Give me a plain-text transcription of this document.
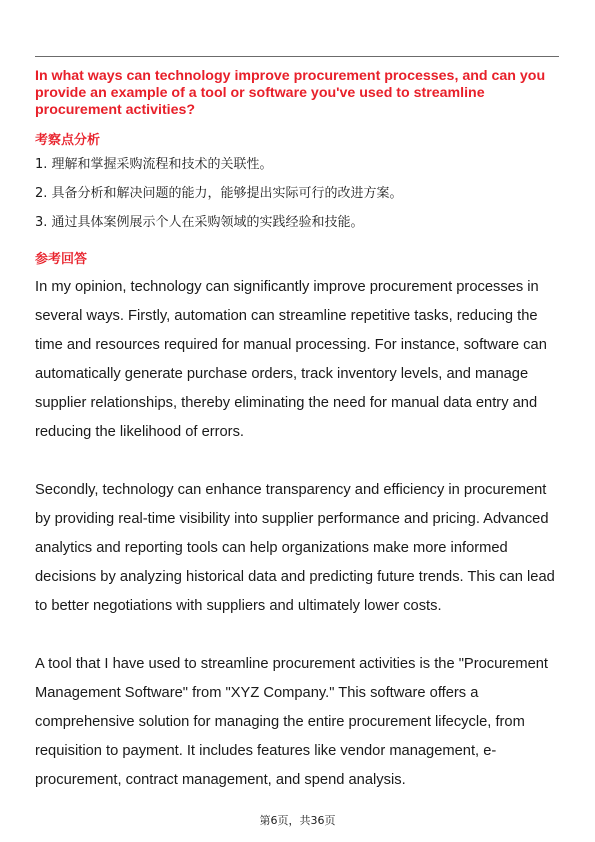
In what ways can technology improve procurement processes, and can you provide an example of a tool or software you've used to streamline procurement activities?
考察点分析
1. 理解和掌握采购流程和技术的关联性。
2. 具备分析和解决问题的能力，能够提出实际可行的改进方案。
3. 通过具体案例展示个人在采购领域的实践经验和技能。
参考回答

In my opinion, technology can significantly improve procurement processes in several ways. Firstly, automation can streamline repetitive tasks, reducing the time and resources required for manual processing. For instance, software can automatically generate purchase orders, track inventory levels, and manage supplier relationships, thereby eliminating the need for manual data entry and reducing the likelihood of errors.

Secondly, technology can enhance transparency and efficiency in procurement by providing real-time visibility into supplier performance and pricing. Advanced analytics and reporting tools can help organizations make more informed decisions by analyzing historical data and predicting future trends. This can lead to better negotiations with suppliers and ultimately lower costs.

A tool that I have used to streamline procurement activities is the "Procurement Management Software" from "XYZ Company." This software offers a comprehensive solution for managing the entire procurement lifecycle, from requisition to payment. It includes features like vendor management, e-procurement, contract management, and spend analysis.

第6页，共36页
